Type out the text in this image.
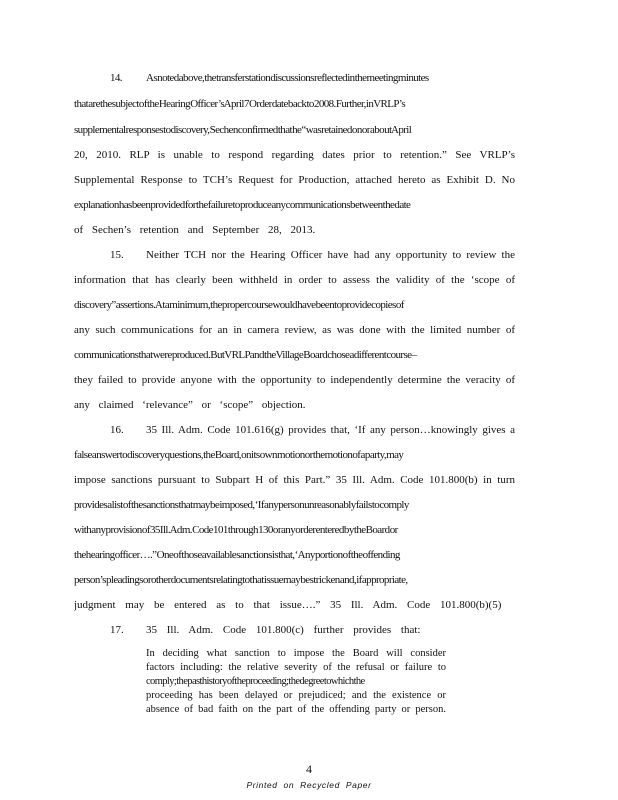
14. As noted above, the transfer station discussions reflected in the meeting minutes
that are the subject of the Hearing Officer’s April 7 Order date back to 2008. Further, in VRLP’s
supplemental responses to discovery, Sechen confirmed that he “was retained on or about April
20, 2010. RLP is unable to respond regarding dates prior to retention.” See VRLP’s
Supplemental Response to TCH’s Request for Production, attached hereto as Exhibit D. No
explanation has been provided for the failure to produce any communications between the date
of Sechen’s retention and September 28, 2013.
15. Neither TCH nor the Hearing Officer have had any opportunity to review the
information that has clearly been withheld in order to assess the validity of the ‘scope of
discovery” assertions. At a minimum, the proper course would have been to provide copies of
any such communications for an in camera review, as was done with the limited number of
communications that were produced. But VRLP and the Village Board chose a different course –
they failed to provide anyone with the opportunity to independently determine the veracity of
any claimed ‘relevance” or ‘scope” objection.
16. 35 Ill. Adm. Code 101.616(g) provides that, ‘If any person…knowingly gives a
false answer to discovery questions, the Board, on its own motion or the motion of a party, may
impose sanctions pursuant to Subpart H of this Part.” 35 Ill. Adm. Code 101.800(b) in turn
provides a list of the sanctions that may be imposed, ‘If any person unreasonably fails to comply
with any provision of 35 Ill. Adm. Code 101 through 130 or any order entered by the Board or
the hearing officer….” One of those available sanctions is that, ‘Any portion of the offending
person’s pleadings or other documents relating to that issue may be stricken and, if appropriate,
judgment may be entered as to that issue….” 35 Ill. Adm. Code 101.800(b)(5)
17. 35 Ill. Adm. Code 101.800(c) further provides that:
In deciding what sanction to impose the Board will consider
factors including: the relative severity of the refusal or failure to
comply; the past history of the proceeding; the degree to which the
proceeding has been delayed or prejudiced; and the existence or
absence of bad faith on the part of the offending party or person.
4
Printed on Recycled Paper
